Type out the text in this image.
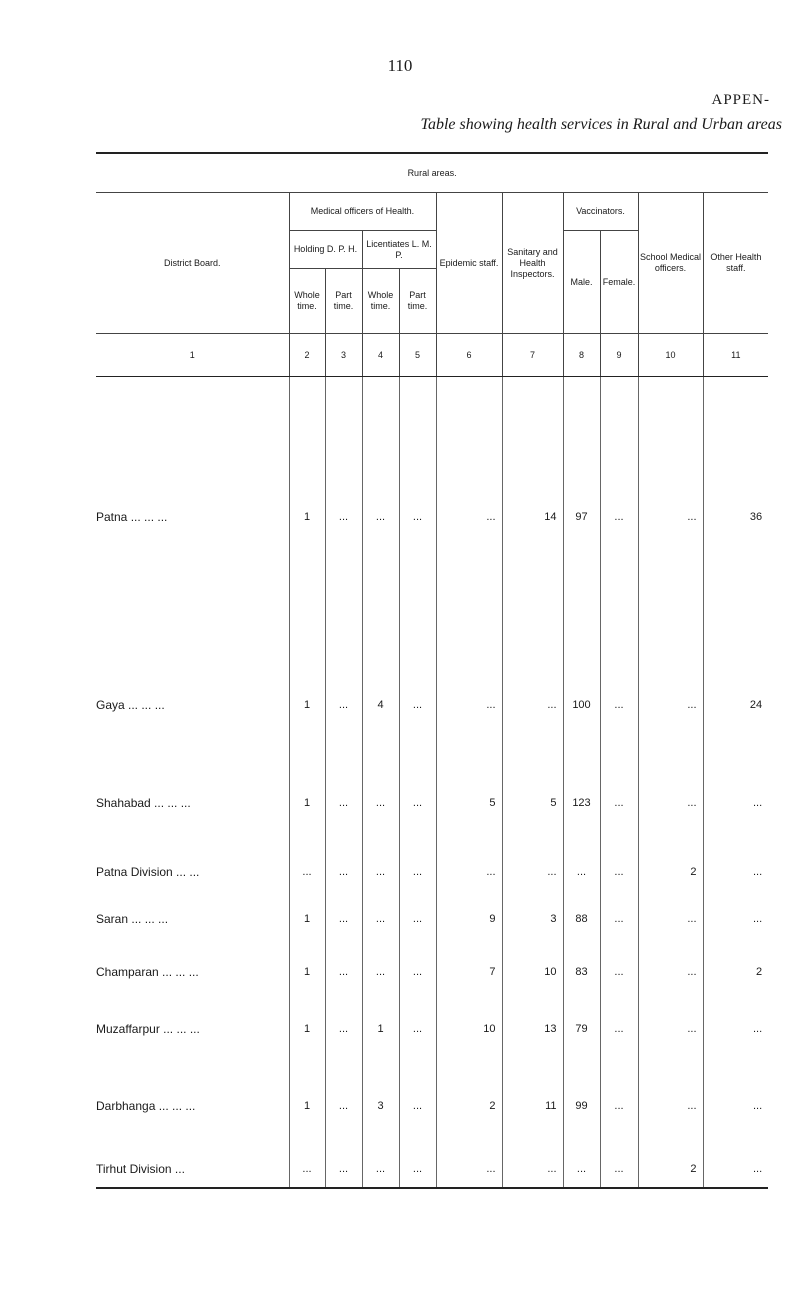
110
APPEN-
Table showing health services in Rural and Urban areas
Rural areas.										
District Board.	Medical officers of Health.				Epidemic staff.	Sanitary and Health Inspectors.	Vaccinators.		School Medical officers.	Other Health staff.
	Holding D. P. H.		Licentiates L. M. P.				Male.	Female.		
	Whole time.	Part time.	Whole time.	Part time.						
1	2	3	4	5	6	7	8	9	10	11
Patna ... ... ...	1	...	...	...	...	14	97	...	...	36
Gaya ... ... ...	1	...	4	...	...	...	100	...	...	24
Shahabad ... ... ...	1	...	...	...	5	5	123	...	...	...
Patna Division ... ...	...	...	...	...	...	...	...	...	2	...
Saran ... ... ...	1	...	...	...	9	3	88	...	...	...
Champaran ... ... ...	1	...	...	...	7	10	83	...	...	2
Muzaffarpur ... ... ...	1	...	1	...	10	13	79	...	...	...
Darbhanga ... ... ...	1	...	3	...	2	11	99	...	...	...
Tirhut Division ...	...	...	...	...	...	...	...	...	2	...
